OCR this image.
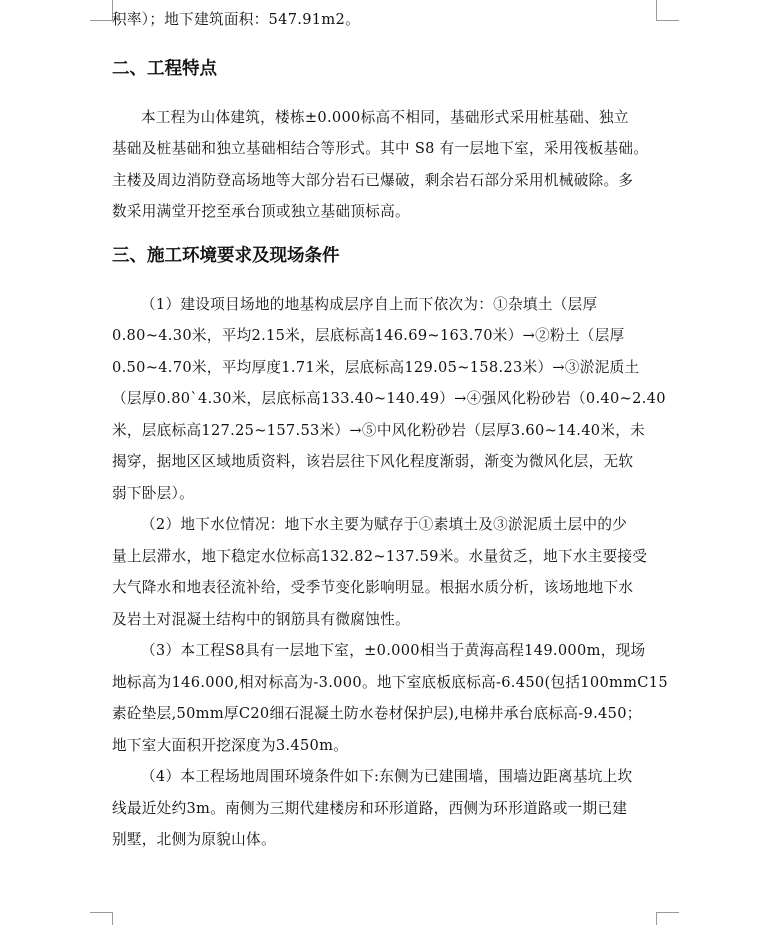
积率）；地下建筑面积：547.91m2。
二、工程特点
本工程为山体建筑，楼栋±0.000标高不相同，基础形式采用桩基础、独立
基础及桩基础和独立基础相结合等形式。其中 S8 有一层地下室，采用筏板基础。
主楼及周边消防登高场地等大部分岩石已爆破，剩余岩石部分采用机械破除。多
数采用满堂开挖至承台顶或独立基础顶标高。
三、施工环境要求及现场条件
（1）建设项目场地的地基构成层序自上而下依次为：①杂填土（层厚
0.80~4.30米，平均2.15米，层底标高146.69~163.70米）→②粉土（层厚
0.50~4.70米，平均厚度1.71米，层底标高129.05~158.23米）→③淤泥质土
（层厚0.80`4.30米，层底标高133.40~140.49）→④强风化粉砂岩（0.40~2.40
米，层底标高127.25~157.53米）→⑤中风化粉砂岩（层厚3.60~14.40米，未
揭穿，据地区区域地质资料，该岩层往下风化程度渐弱，渐变为微风化层，无软
弱下卧层）。
（2）地下水位情况：地下水主要为赋存于①素填土及③淤泥质土层中的少
量上层滞水，地下稳定水位标高132.82~137.59米。水量贫乏，地下水主要接受
大气降水和地表径流补给，受季节变化影响明显。根据水质分析，该场地地下水
及岩土对混凝土结构中的钢筋具有微腐蚀性。
（3）本工程S8具有一层地下室，±0.000相当于黄海高程149.000m，现场
地标高为146.000,相对标高为-3.000。地下室底板底标高-6.450(包括100mmC15
素砼垫层,50mm厚C20细石混凝土防水卷材保护层),电梯井承台底标高-9.450；
地下室大面积开挖深度为3.450m。
（4）本工程场地周围环境条件如下:东侧为已建围墙，围墙边距离基坑上坎
线最近处约3m。南侧为三期代建楼房和环形道路，西侧为环形道路或一期已建
别墅，北侧为原貌山体。
